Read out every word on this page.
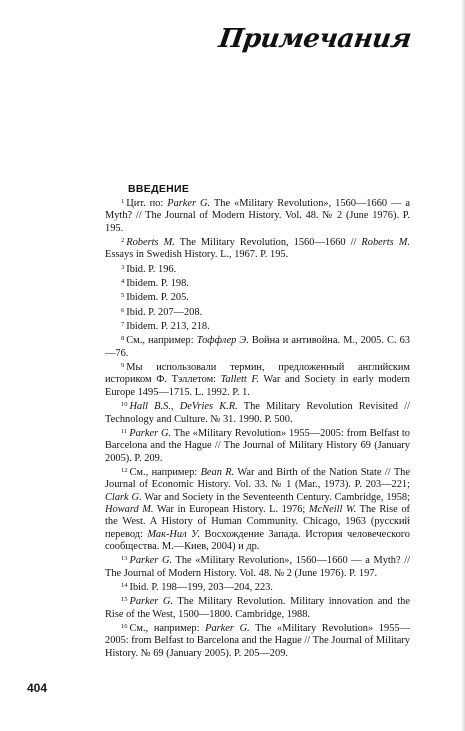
Примечания
ВВЕДЕНИЕ

$^1$ Цит. по: Parker G. The «Military Revolution», 1560—1660 — a Myth? // The Journal of Modern History. Vol. 48. № 2 (June 1976). P. 195.

$^2$ Roberts M. The Military Revolution, 1560—1660 // Roberts M. Essays in Swedish History. L., 1967. P. 195.

$^3$ Ibid. P. 196.

$^4$ Ibidem. P. 198.

$^5$ Ibidem. P. 205.

$^6$ Ibid. P. 207—208.

$^7$ Ibidem. P. 213, 218.

$^8$ См., например: Тоффлер Э. Война и антивойна. М., 2005. С. 63—76.

$^9$ Мы использовали термин, предложенный английским историком Ф. Тэллетом: Tallett F. War and Society in early modern Europe 1495—1715. L. 1992. P. 1.

$^{10}$ Hall B.S., DeVries K.R. The Military Revolution Revisited // Technology and Culture. № 31. 1990. P. 500.

$^{11}$ Parker G. The «Military Revolution» 1955—2005: from Belfast to Barcelona and the Hague // The Journal of Military History 69 (January 2005). P. 209.

$^{12}$ См., например: Bean R. War and Birth of the Nation State // The Journal of Economic History. Vol. 33. № 1 (Mar., 1973). P. 203—221; Clark G. War and Society in the Seventeenth Century. Cambridge, 1958; Howard M. War in European History. L. 1976; McNeill W. The Rise of the West. A History of Human Community. Chicago, 1963 (русский перевод: Мак-Нил У. Восхождение Запада. История человеческого сообщества. М.—Киев, 2004) и др.

$^{13}$ Parker G. The «Military Revolution», 1560—1660 — a Myth? // The Journal of Modern History. Vol. 48. № 2 (June 1976). P. 197.

$^{14}$ Ibid. P. 198—199, 203—204, 223.

$^{15}$ Parker G. The Military Revolution. Military innovation and the Rise of the West, 1500—1800. Cambridge, 1988.

$^{16}$ См., например: Parker G. The «Military Revolution» 1955—2005: from Belfast to Barcelona and the Hague // The Journal of Military History. № 69 (January 2005). P. 205—209.

404
